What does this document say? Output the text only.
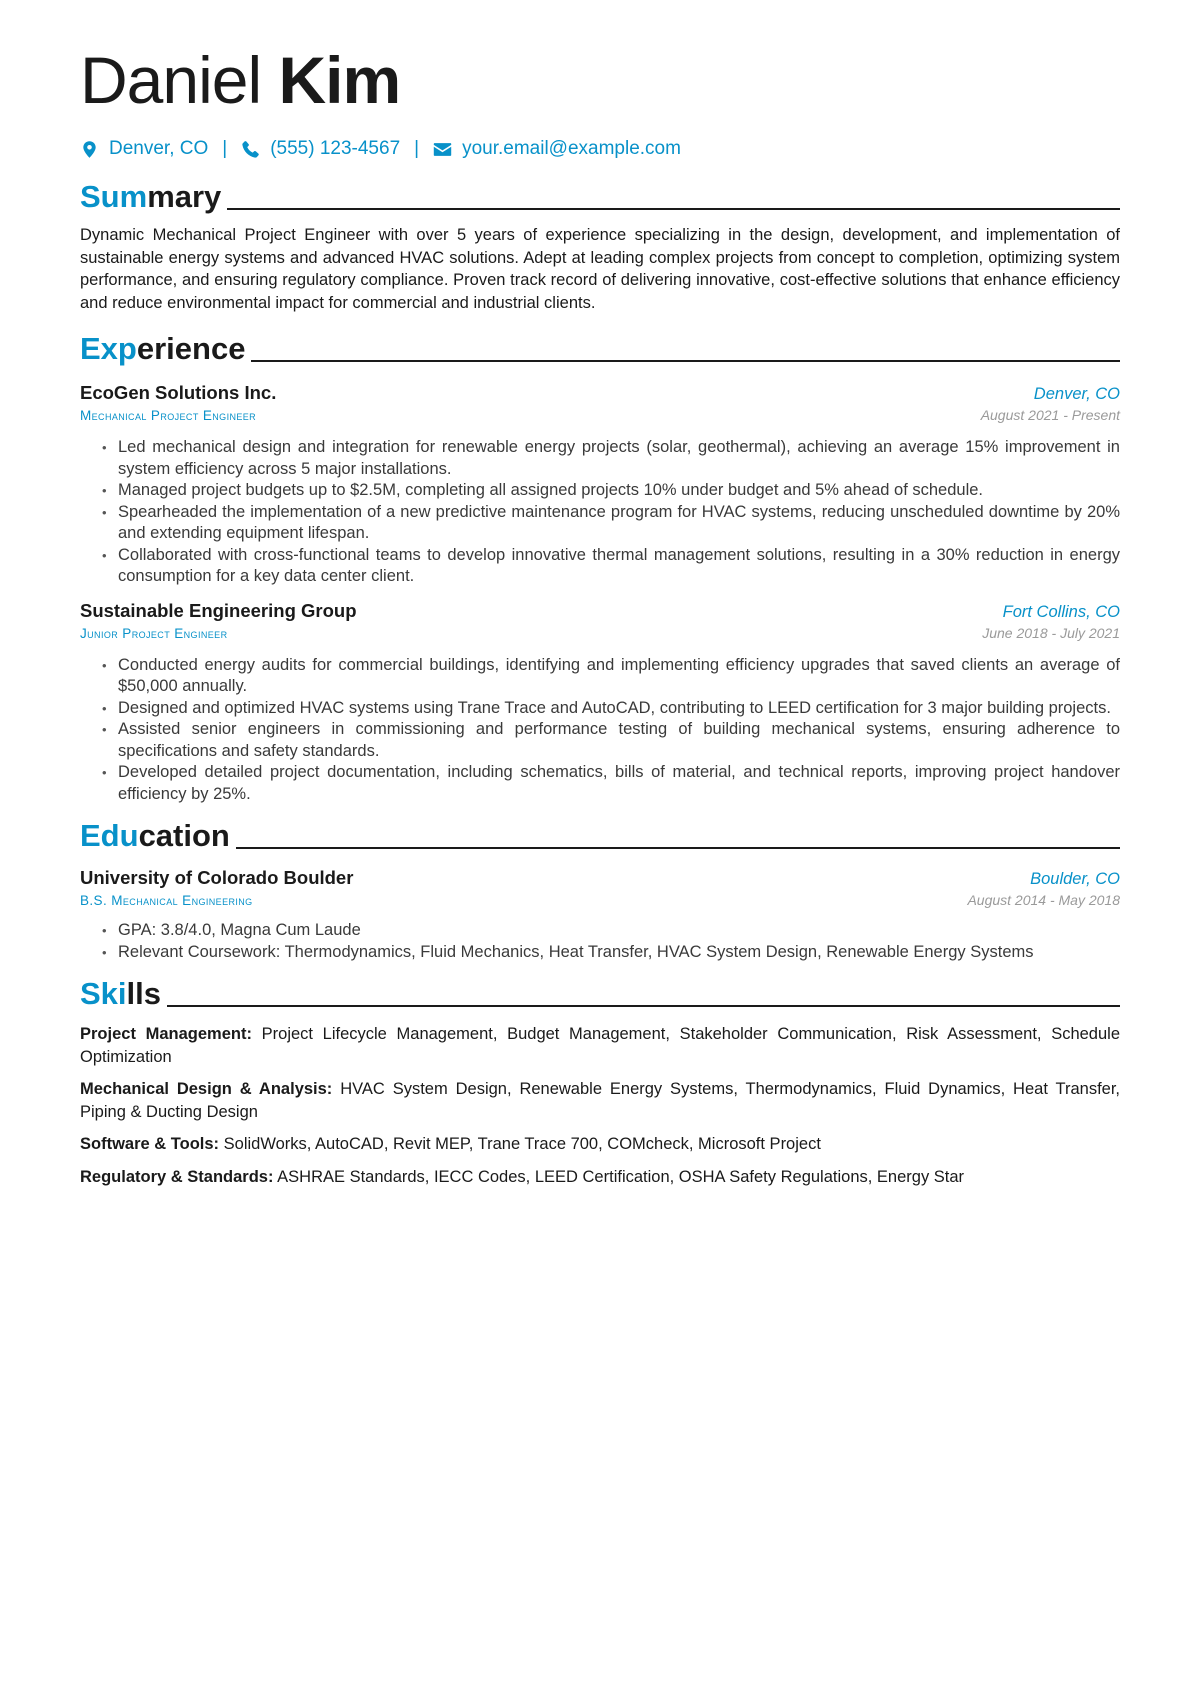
Daniel Kim
Denver, CO | (555) 123-4567 | your.email@example.com
Summary
Dynamic Mechanical Project Engineer with over 5 years of experience specializing in the design, development, and implementation of sustainable energy systems and advanced HVAC solutions. Adept at leading complex projects from concept to completion, optimizing system performance, and ensuring regulatory compliance. Proven track record of delivering innovative, cost-effective solutions that enhance efficiency and reduce environmental impact for commercial and industrial clients.
Experience
EcoGen Solutions Inc.	Denver, CO
Mechanical Project Engineer	August 2021 - Present
• Led mechanical design and integration for renewable energy projects (solar, geothermal), achieving an average 15% improvement in system efficiency across 5 major installations.
• Managed project budgets up to $2.5M, completing all assigned projects 10% under budget and 5% ahead of schedule.
• Spearheaded the implementation of a new predictive maintenance program for HVAC systems, reducing unscheduled downtime by 20% and extending equipment lifespan.
• Collaborated with cross-functional teams to develop innovative thermal management solutions, resulting in a 30% reduction in energy consumption for a key data center client.
Sustainable Engineering Group	Fort Collins, CO
Junior Project Engineer	June 2018 - July 2021
• Conducted energy audits for commercial buildings, identifying and implementing efficiency upgrades that saved clients an average of $50,000 annually.
• Designed and optimized HVAC systems using Trane Trace and AutoCAD, contributing to LEED certification for 3 major building projects.
• Assisted senior engineers in commissioning and performance testing of building mechanical systems, ensuring adherence to specifications and safety standards.
• Developed detailed project documentation, including schematics, bills of material, and technical reports, improving project handover efficiency by 25%.
Education
University of Colorado Boulder	Boulder, CO
B.S. Mechanical Engineering	August 2014 - May 2018
• GPA: 3.8/4.0, Magna Cum Laude
• Relevant Coursework: Thermodynamics, Fluid Mechanics, Heat Transfer, HVAC System Design, Renewable Energy Systems
Skills
Project Management: Project Lifecycle Management, Budget Management, Stakeholder Communication, Risk Assessment, Schedule Optimization
Mechanical Design & Analysis: HVAC System Design, Renewable Energy Systems, Thermodynamics, Fluid Dynamics, Heat Transfer, Piping & Ducting Design
Software & Tools: SolidWorks, AutoCAD, Revit MEP, Trane Trace 700, COMcheck, Microsoft Project
Regulatory & Standards: ASHRAE Standards, IECC Codes, LEED Certification, OSHA Safety Regulations, Energy Star
